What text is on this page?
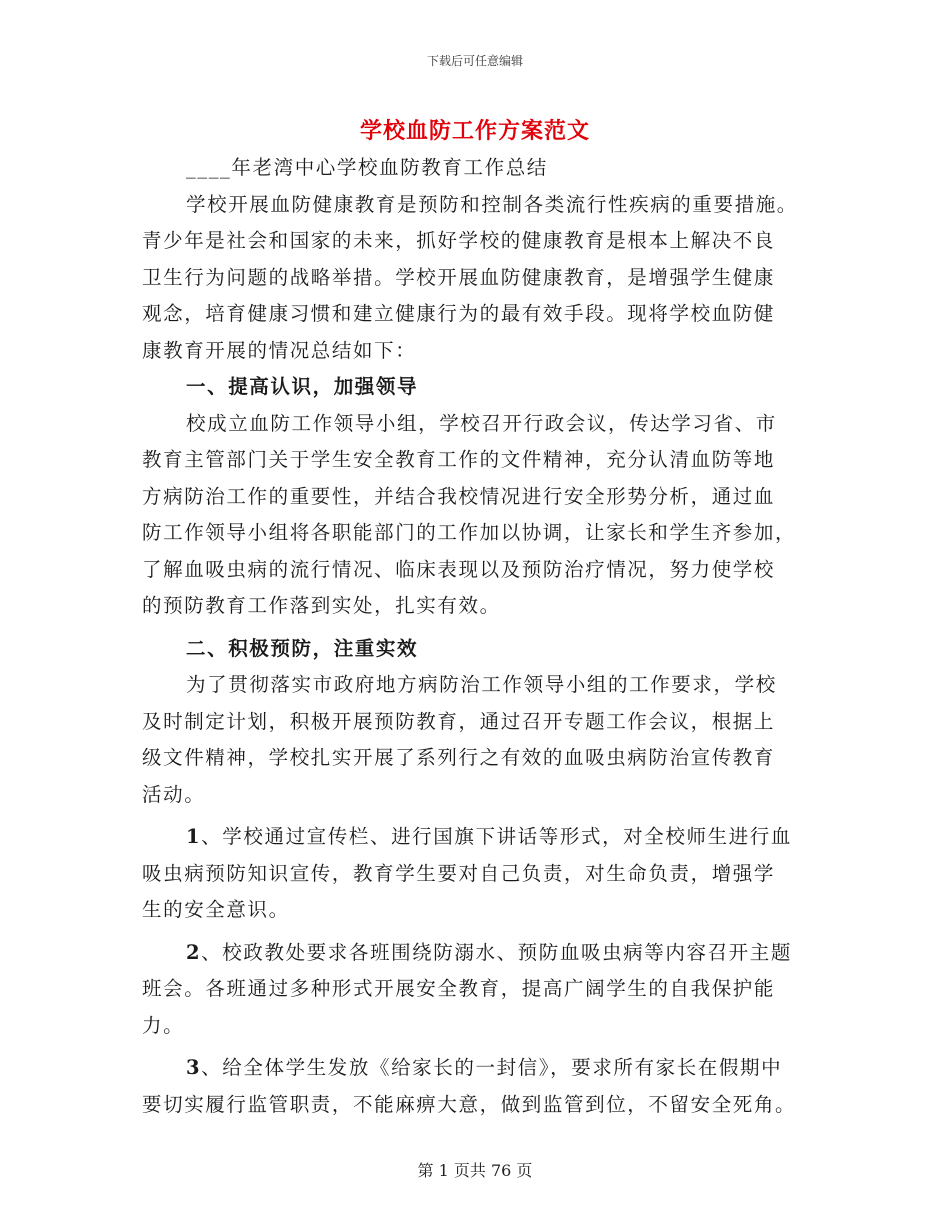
下载后可任意编辑
学校血防工作方案范文
____年老湾中心学校血防教育工作总结
学校开展血防健康教育是预防和控制各类流行性疾病的重要措施。
青少年是社会和国家的未来，抓好学校的健康教育是根本上解决不良
卫生行为问题的战略举措。学校开展血防健康教育，是增强学生健康
观念，培育健康习惯和建立健康行为的最有效手段。现将学校血防健
康教育开展的情况总结如下：
一、提高认识，加强领导
校成立血防工作领导小组，学校召开行政会议，传达学习省、市
教育主管部门关于学生安全教育工作的文件精神，充分认清血防等地
方病防治工作的重要性，并结合我校情况进行安全形势分析，通过血
防工作领导小组将各职能部门的工作加以协调，让家长和学生齐参加，
了解血吸虫病的流行情况、临床表现以及预防治疗情况，努力使学校
的预防教育工作落到实处，扎实有效。
二、积极预防，注重实效
为了贯彻落实市政府地方病防治工作领导小组的工作要求，学校
及时制定计划，积极开展预防教育，通过召开专题工作会议，根据上
级文件精神，学校扎实开展了系列行之有效的血吸虫病防治宣传教育
活动。
1、学校通过宣传栏、进行国旗下讲话等形式，对全校师生进行血
吸虫病预防知识宣传，教育学生要对自己负责，对生命负责，增强学
生的安全意识。
2、校政教处要求各班围绕防溺水、预防血吸虫病等内容召开主题
班会。各班通过多种形式开展安全教育，提高广阔学生的自我保护能
力。
3、给全体学生发放《给家长的一封信》，要求所有家长在假期中
要切实履行监管职责，不能麻痹大意，做到监管到位，不留安全死角。
第 1 页共 76 页
